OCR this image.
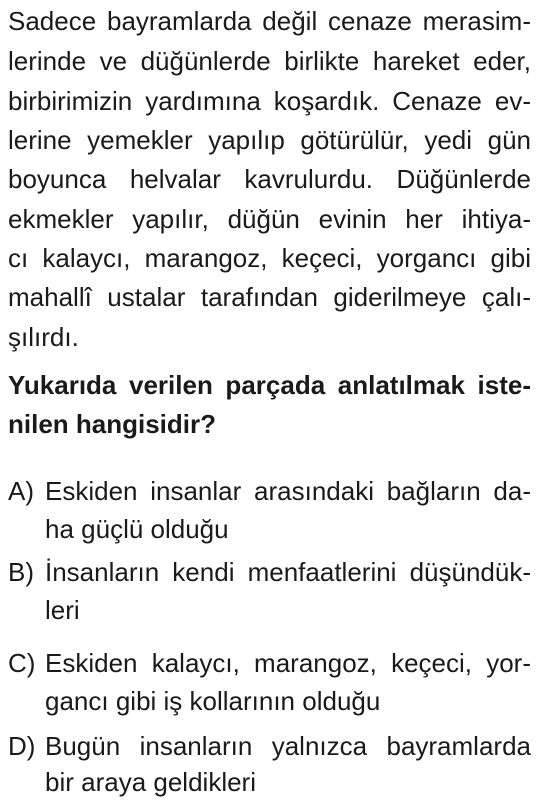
Sadece bayramlarda değil cenaze merasim-
lerinde ve düğünlerde birlikte hareket eder,
birbirimizin yardımına koşardık. Cenaze ev-
lerine yemekler yapılıp götürülür, yedi gün
boyunca helvalar kavrulurdu. Düğünlerde
ekmekler yapılır, düğün evinin her ihtiya-
cı kalaycı, marangoz, keçeci, yorgancı gibi
mahallî ustalar tarafından giderilmeye çalı-
şılırdı.
Yukarıda verilen parçada anlatılmak iste-
nilen hangisidir?
A) Eskiden insanlar arasındaki bağların da-
ha güçlü olduğu
B) İnsanların kendi menfaatlerini düşündük-
leri
C) Eskiden kalaycı, marangoz, keçeci, yor-
gancı gibi iş kollarının olduğu
D) Bugün insanların yalnızca bayramlarda
bir araya geldikleri
